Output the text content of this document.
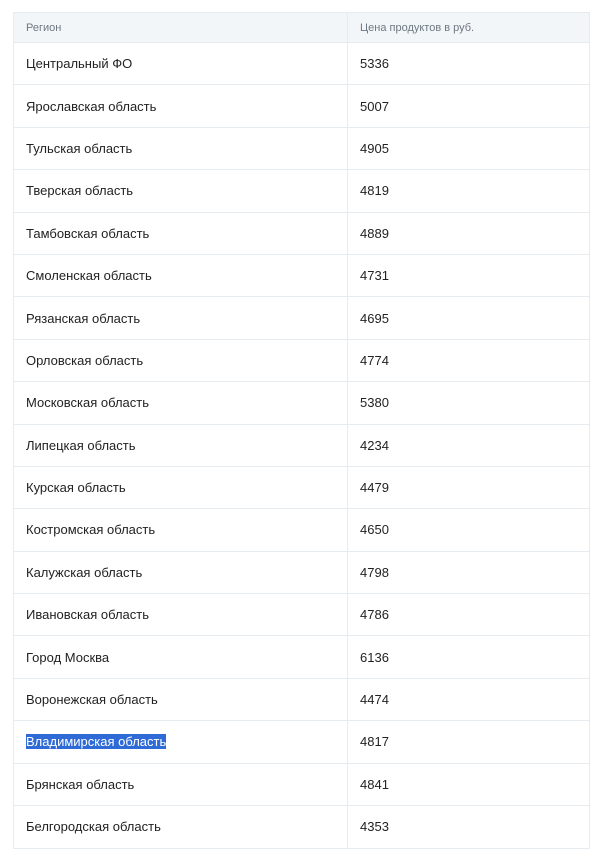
Регион	Цена продуктов в руб.
Центральный ФО	5336
Ярославская область	5007
Тульская область	4905
Тверская область	4819
Тамбовская область	4889
Смоленская область	4731
Рязанская область	4695
Орловская область	4774
Московская область	5380
Липецкая область	4234
Курская область	4479
Костромская область	4650
Калужская область	4798
Ивановская область	4786
Город Москва	6136
Воронежская область	4474
Владимирская область	4817
Брянская область	4841
Белгородская область	4353
